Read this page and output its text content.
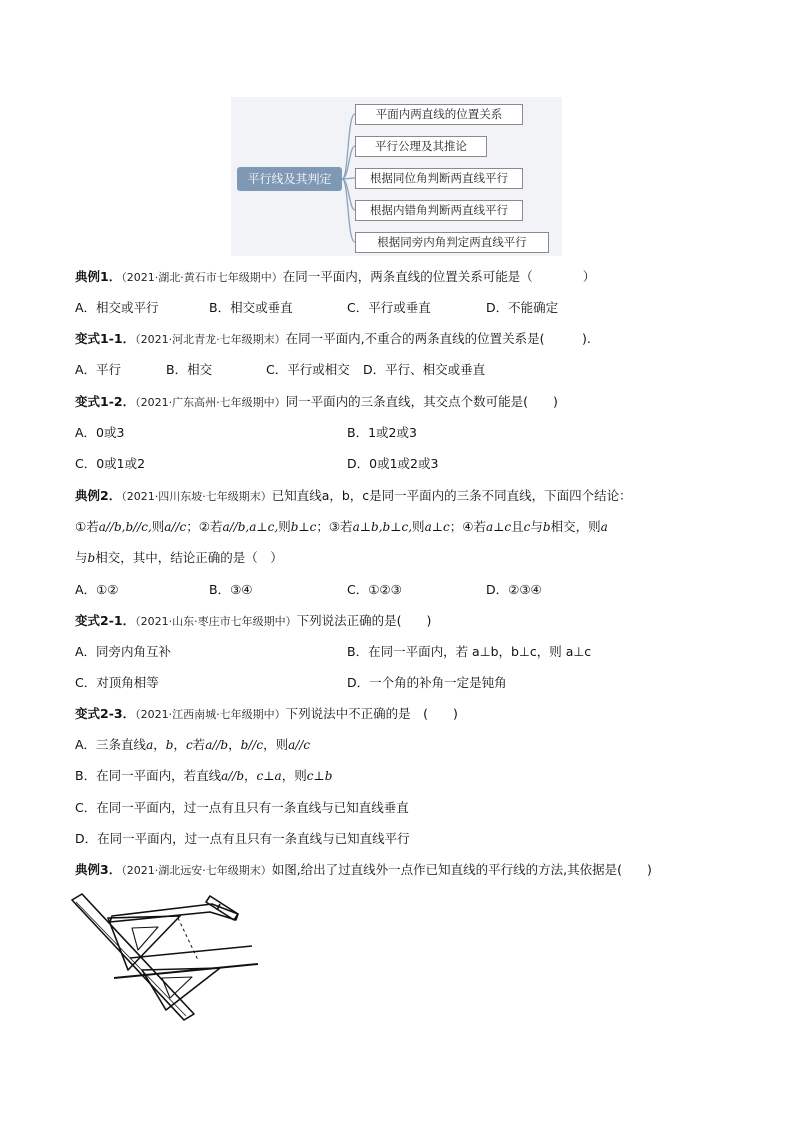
平行线及其判定
平面内两直线的位置关系
平行公理及其推论
根据同位角判断两直线平行
根据内错角判断两直线平行
根据同旁内角判定两直线平行
典例1．（2021·湖北·黄石市七年级期中）在同一平面内，两条直线的位置关系可能是（　　　　）
A．相交或平行	B．相交或垂直	C．平行或垂直	D．不能确定
变式1-1．（2021·河北青龙·七年级期末）在同一平面内,不重合的两条直线的位置关系是(　　　).
A．平行	B．相交	C．平行或相交 D．平行、相交或垂直
变式1-2．（2021·广东高州·七年级期中）同一平面内的三条直线，其交点个数可能是(　　)
A．0或3	B．1或2或3
C．0或1或2	D．0或1或2或3
典例2．（2021·四川东坡·七年级期末）已知直线a，b，c是同一平面内的三条不同直线，下面四个结论：
①若a//b,b//c,则a//c；②若a//b,a⊥c,则b⊥c；③若a⊥b,b⊥c,则a⊥c；④若a⊥c且c与b相交，则a
与b相交，其中，结论正确的是（　）
A．①②	B．③④	C．①②③	D．②③④
变式2-1．（2021·山东·枣庄市七年级期中）下列说法正确的是(　　)
A．同旁内角互补	B．在同一平面内，若 a⊥b，b⊥c，则 a⊥c
C．对顶角相等	D．一个角的补角一定是钝角
变式2-3．（2021·江西南城·七年级期中）下列说法中不正确的是　(　　)
A．三条直线a，b，c若a//b，b//c，则a//c
B．在同一平面内，若直线a//b，c⊥a，则c⊥b
C．在同一平面内，过一点有且只有一条直线与已知直线垂直
D．在同一平面内，过一点有且只有一条直线与已知直线平行
典例3．（2021·湖北远安·七年级期末）如图,给出了过直线外一点作已知直线的平行线的方法,其依据是(　　)
